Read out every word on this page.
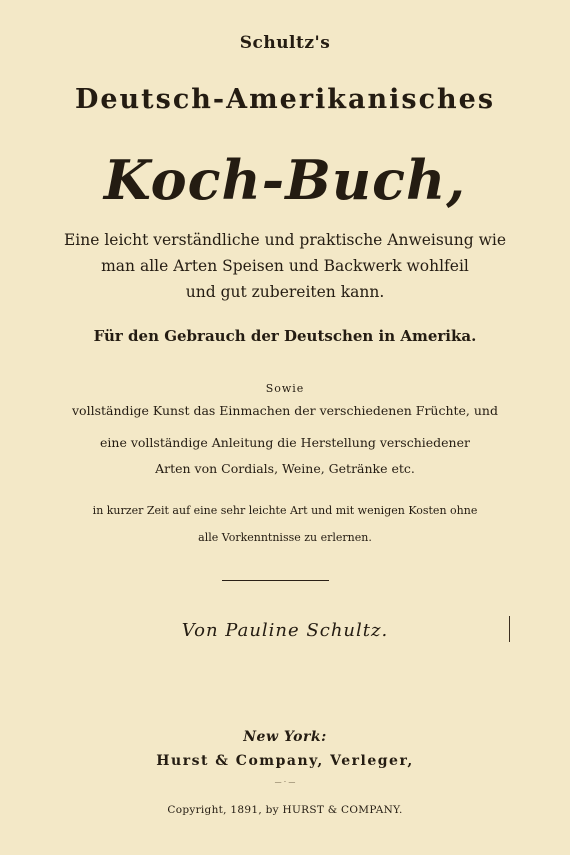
Schultz's
Deutsch-Amerikanisches
Koch-Buch,
Eine leicht verständliche und praktische Anweisung wie
man alle Arten Speisen und Backwerk wohlfeil
und gut zubereiten kann.
Für den Gebrauch der Deutschen in Amerika.
Sowie
vollständige Kunst das Einmachen der verschiedenen Früchte, und
eine vollständige Anleitung die Herstellung verschiedener
Arten von Cordials, Weine, Getränke etc.
in kurzer Zeit auf eine sehr leichte Art und mit wenigen Kosten ohne
alle Vorkenntnisse zu erlernen.
Von Pauline Schultz.
New York:
Hurst & Company, Verleger,
— · —
Copyright, 1891, by HURST & COMPANY.
